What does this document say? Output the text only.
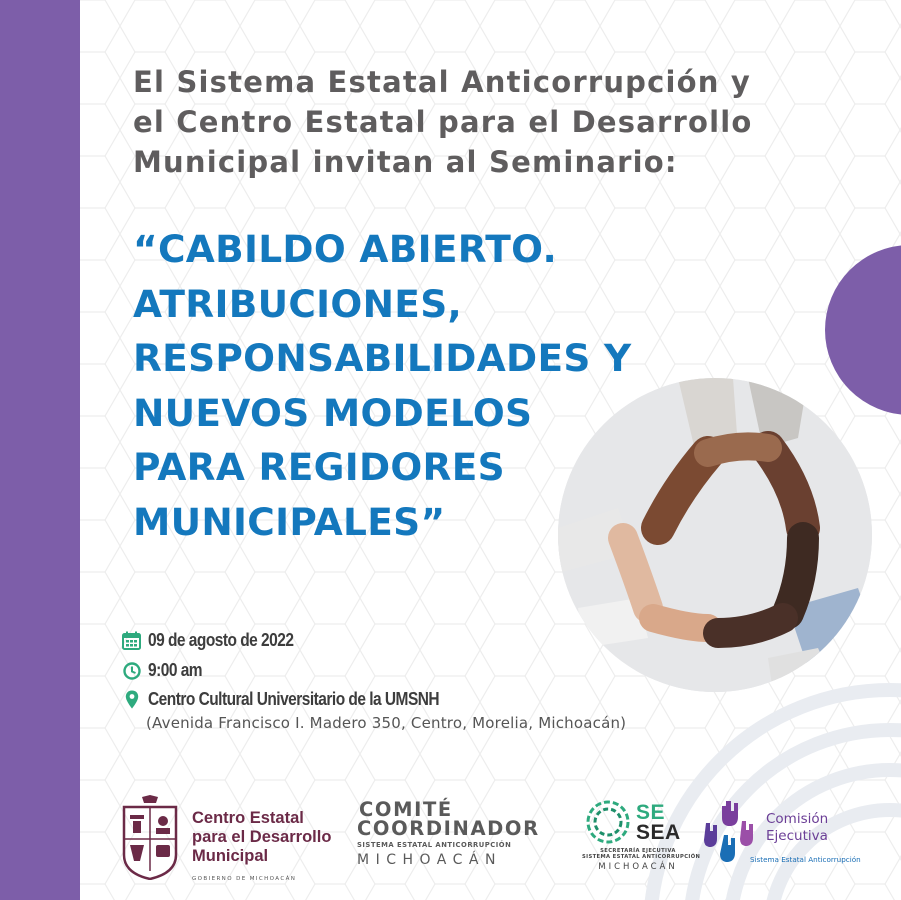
El Sistema Estatal Anticorrupción y
el Centro Estatal para el Desarrollo
Municipal invitan al Seminario:
“CABILDO ABIERTO.
ATRIBUCIONES,
RESPONSABILIDADES Y
NUEVOS MODELOS
PARA REGIDORES
MUNICIPALES”
09 de agosto de 2022
9:00 am
Centro Cultural Universitario de la UMSNH
(Avenida Francisco I. Madero 350, Centro, Morelia, Michoacán)
Centro Estatal
para el Desarrollo
Municipal
GOBIERNO DE MICHOACÁN
COMITÉ
COORDINADOR
SISTEMA ESTATAL ANTICORRUPCIÓN
MICHOACÁN
SE
SEA
SECRETARÍA EJECUTIVA
SISTEMA ESTATAL ANTICORRUPCIÓN
MICHOACÁN
Comisión
Ejecutiva
Sistema Estatal Anticorrupción
